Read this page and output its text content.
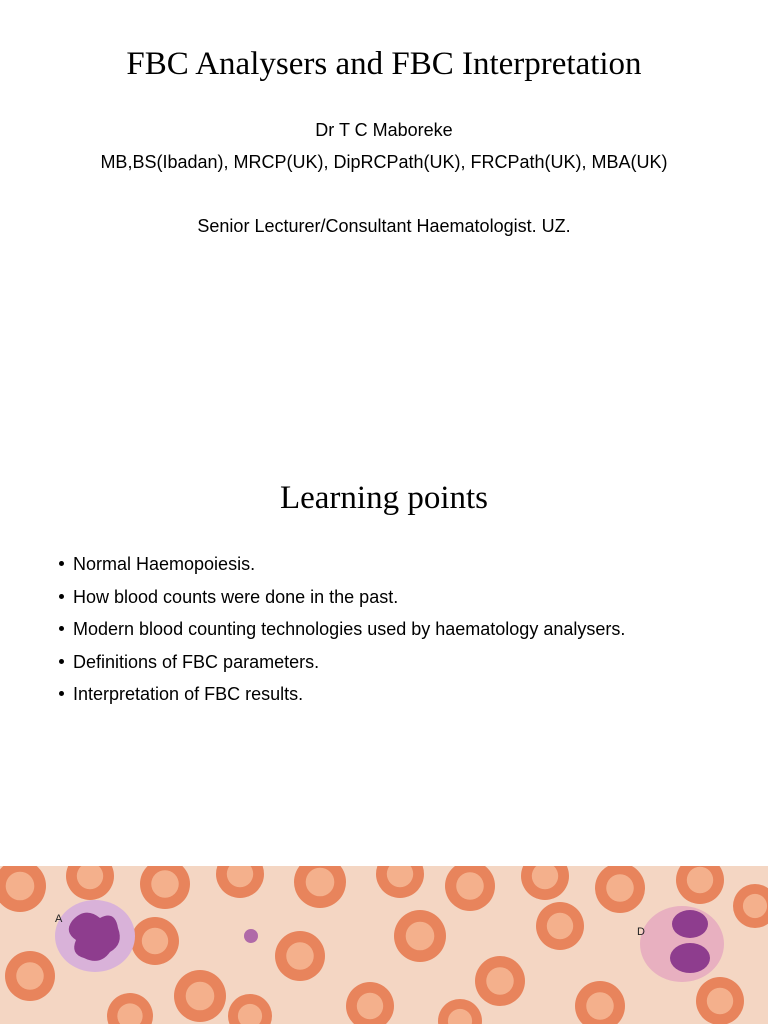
FBC Analysers and FBC Interpretation
Dr T C Maboreke
MB,BS(Ibadan), MRCP(UK), DipRCPath(UK), FRCPath(UK), MBA(UK)
Senior Lecturer/Consultant Haematologist. UZ.
Learning points
Normal Haemopoiesis.
How blood counts were done in the past.
Modern blood counting technologies used by haematology analysers.
Definitions of FBC parameters.
Interpretation of FBC results.
A
D
